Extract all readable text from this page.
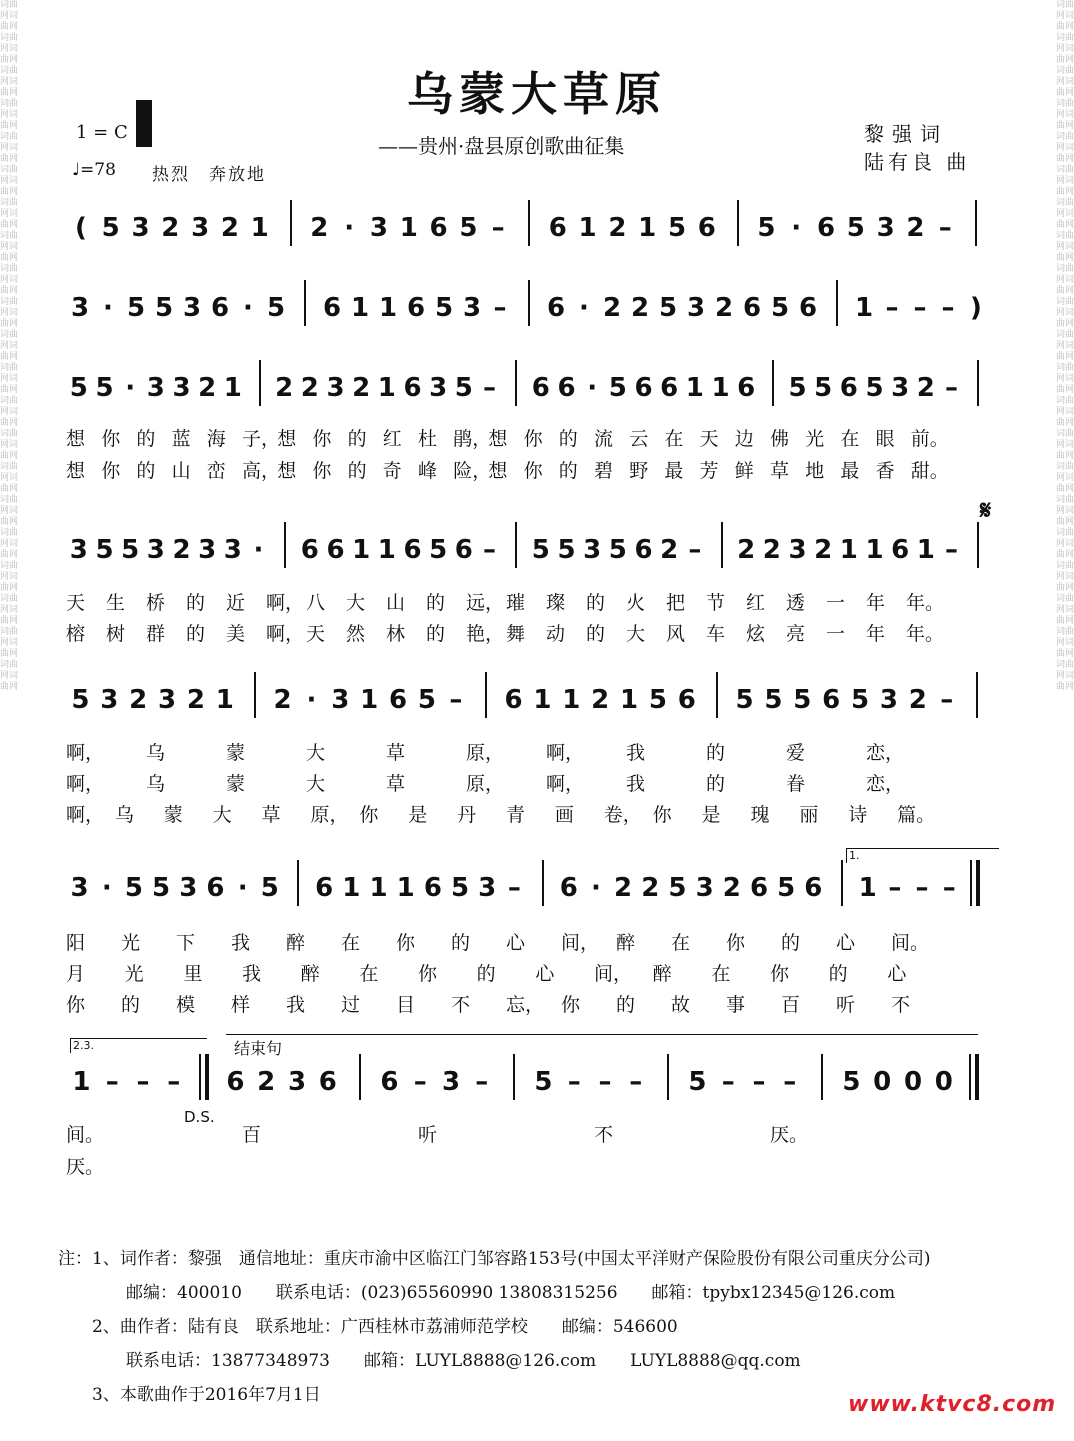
词曲网词曲网词曲网词曲网词曲网词曲网词曲网词曲网词曲网词曲网词曲网词曲网词曲网词曲网词曲网词曲网词曲网词曲网词曲网词曲网词曲网词曲网词曲网词曲网词曲网词曲网词曲网词曲网词曲网词曲网词曲网词曲网词曲网词曲网词曲网词曲网词曲网词曲网词曲网词曲网词曲网词曲网
词曲网词曲网词曲网词曲网词曲网词曲网词曲网词曲网词曲网词曲网词曲网词曲网词曲网词曲网词曲网词曲网词曲网词曲网词曲网词曲网词曲网词曲网词曲网词曲网词曲网词曲网词曲网词曲网词曲网词曲网词曲网词曲网词曲网词曲网词曲网词曲网词曲网词曲网词曲网词曲网词曲网词曲网
乌蒙大草原
1 = C
♩=78 热烈　奔放地
——贵州·盘县原创歌曲征集	黎强词
陆有良 曲
𝄋
( 5 3 2 3 2 1 2 · 3 1 6 5 –	6 1 2 1 5 6 5 · 6 5 3 2 –
3 · 5 5 3 6 · 5 6 1 1 6 5 3 – 6 · 2 2 5 3 2 6 5 6 1 – – – )
5 5 · 3 3 2 1 2 2 3 2 1 6 3 5 – 6 6 · 5 6 6 1 1 6 5 5 6 5 3 2 –
3 5 5 3 2 3 3 ·	6 6 1 1 6 5 6 – 5 5 3 5 6 2 – 2 2 3 2 1 1 6 1 –
5 3 2 3 2 1 2 · 3 1 6 5 –	6 1 1 2 1 5 6 5 5 5 6 5 3 2 –
3 · 5 5 3 6 · 5 6 1 1 1 6 5 3 – 6 · 2 2 5 3 2 6 5 6 1 – – –
1 – – –	6 2 3 6 6 – 3 –	5 – – –	5 – – –	5 0 0 0
想 你 的 蓝 海 子，
想 你 的 红 杜 鹃，
想 你 的 流 云 在 天 边 佛 光 在 眼 前。
想 你 的 山 峦 高，
想 你 的 奇 峰 险，
想 你 的 碧 野 最 芳 鲜 草 地 最 香 甜。
天 生 桥 的 近 啊， 八 大 山 的 远， 璀 璨 的 火 把 节 红 透 一 年 年。
榕 树 群 的 美 啊， 天 然 林 的 艳， 舞 动 的 大 风 车 炫 亮 一 年 年。
啊， 乌	蒙	大	草	原， 啊， 我	的	爱	恋，
啊， 乌	蒙	大	草	原， 啊， 我	的	眷	恋，
啊， 乌 蒙 大 草 原， 你 是 丹 青 画 卷， 你 是 瑰 丽 诗 篇。
阳 光 下 我 醉 在 你 的 心 间， 醉 在 你 的 心 间。
月 光 里 我 醉 在 你 的 心 间， 醉 在 你 的 心
你 的 模 样 我 过 目 不 忘， 你 的 故 事 百 听 不
间。	百	听	不	厌。
厌。
1.
2.3.	结束句
D.S.
注：1、词作者：黎强　通信地址：重庆市渝中区临江门邹容路153号(中国太平洋财产保险股份有限公司重庆分公司)
　　　　邮编：400010　　联系电话：(023)65560990 13808315256　　邮箱：tpybx12345@126.com
　　2、曲作者：陆有良　联系地址：广西桂林市荔浦师范学校　　邮编：546600
　　　　联系电话：13877348973　　邮箱：LUYL8888@126.com　　LUYL8888@qq.com
　　3、本歌曲作于2016年7月1日	www.ktvc8.com
